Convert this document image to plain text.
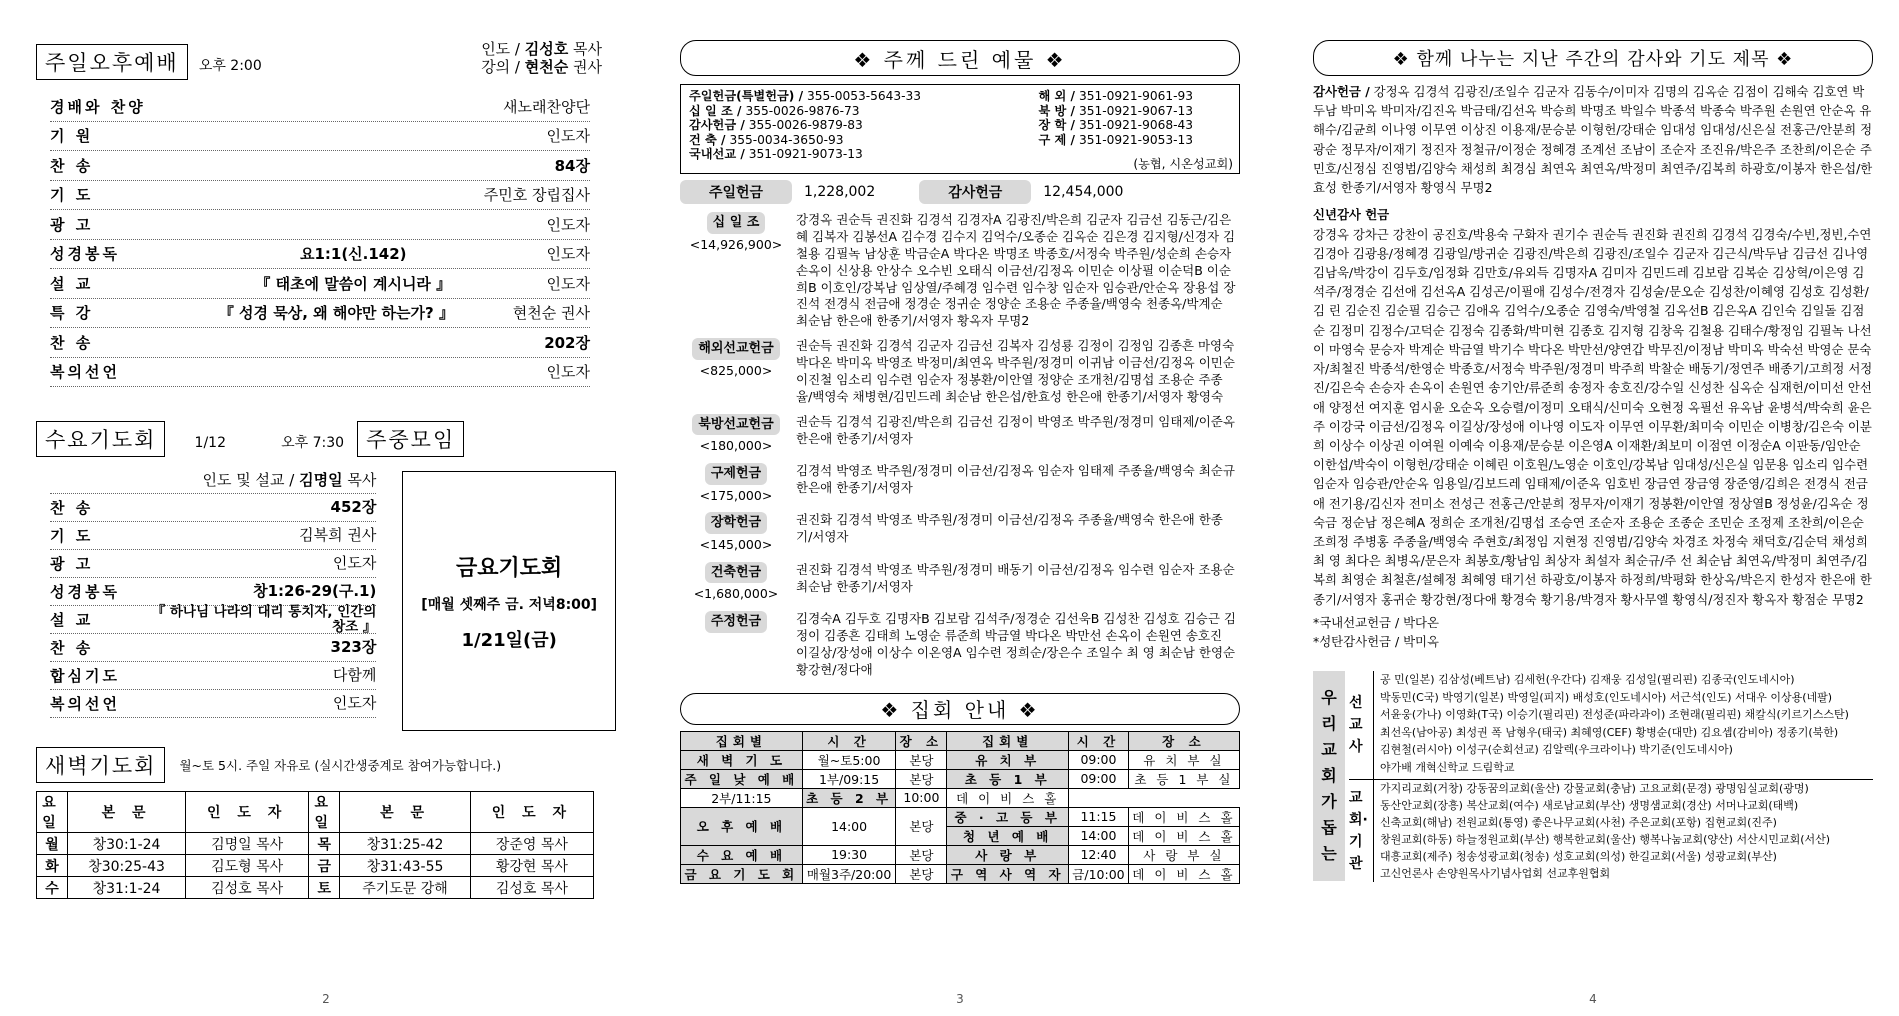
주일오후예배 오후 2:00
인도 / 김성호 목사
강의 / 현천순 권사
경배와 찬양	새노래찬양단
기 원	인도자
찬 송	84장
기 도	주민호 장립집사
광 고	인도자
성경봉독	요1:1(신.142)	인도자
설 교	『 태초에 말씀이 계시니라 』	인도자
특 강	『 성경 묵상, 왜 해야만 하는가? 』	현천순 권사
찬 송	202장
복의선언	인도자
수요기도회	1/12	오후 7:30 주중모임
인도 및 설교 / 김명일 목사
찬 송	452장
기 도	김복희 권사
광 고	인도자
성경봉독	창1:26-29(구.1)
설 교	『 하나님 나라의 대리 통치자, 인간의 창조 』
찬 송	323장
합심기도	다함께
복의선언	인도자
금요기도회
[매월 셋째주 금. 저녁8:00]
1/21일(금)
새벽기도회	월~토 5시. 주일 자유로 (실시간생중계로 참여가능합니다.)
요일	본 문	인 도 자	요일	본 문	인 도 자
월	창30:1-24	김명일 목사	목	창31:25-42	장준영 목사
화	창30:25-43	김도형 목사	금	창31:43-55	황강현 목사
수	창31:1-24	김성호 목사	토	주기도문 강해	김성호 목사
2
❖ 주께 드린 예물 ❖
주일헌금(특별헌금) / 355-0053-5643-33
십 일 조 / 355-0026-9876-73
감사헌금 / 355-0026-9879-83
건 축 / 355-0034-3650-93
국내선교 / 351-0921-9073-13
해 외 / 351-0921-9061-93
북 방 / 351-0921-9067-13
장 학 / 351-0921-9068-43
구 제 / 351-0921-9053-13
(농협, 시온성교회)
주일헌금	1,228,002	감사헌금	12,454,000
십 일 조
<14,926,900>	강경옥 권순득 권진화 김경석 김경자A 김광진/박은희 김군자 김금선 김동근/김은혜 김복자 김봉선A 김수경 김수지 김억수/오종순 김옥순 김은경 김지형/신경자 김철용 김필녹 남상훈 박금순A 박다온 박명조 박종호/서정숙 박주원/성순희 손승자 손옥이 신상용 안상수 오수빈 오태식 이금선/김정옥 이민순 이상필 이순덕B 이순희B 이호인/강복남 임상열/주혜경 임수련 임수창 임순자 임승관/안순옥 장용섭 장진석 전경식 전금애 정경순 정귀순 정양순 조용순 주종율/백영숙 천종옥/박계순 최순남 한은애 한종기/서영자 황옥자 무명2
해외선교헌금
<825,000>	권순득 권진화 김경석 김군자 김금선 김복자 김성룡 김정이 김정임 김종흔 마영숙 박다온 박미옥 박영조 박정미/최연옥 박주원/정경미 이귀남 이금선/김정옥 이민순 이진철 임소리 임수련 임순자 정봉환/이안열 정양순 조개천/김명섭 조용순 주종율/백영숙 채병현/김민드레 최순남 한은섭/한효성 한은애 한종기/서영자 황영숙
북방선교헌금
<180,000>	권순득 김경석 김광진/박은희 김금선 김정이 박영조 박주원/정경미 임태제/이준옥 한은애 한종기/서영자
구제헌금
<175,000>	김경석 박영조 박주원/정경미 이금선/김정옥 임순자 임태제 주종율/백영숙 최순규 한은애 한종기/서영자
장학헌금
<145,000>	권진화 김경석 박영조 박주원/정경미 이금선/김정옥 주종율/백영숙 한은애 한종기/서영자
건축헌금
<1,680,000>	권진화 김경석 박영조 박주원/정경미 배동기 이금선/김정옥 임수련 임순자 조용순 최순남 한종기/서영자
주정헌금	김경숙A 김두호 김명자B 김보람 김석주/정경순 김선욱B 김성찬 김성호 김승근 김정이 김종흔 김태희 노영순 류준희 박금열 박다온 박만선 손옥이 손원연 송호진 이길상/장성애 이상수 이온영A 임수련 정희순/장은수 조일수 최 영 최순남 한영순 황강현/정다애
❖ 집회 안내 ❖
집회별	시 간	장 소	집회별	시 간	장 소
새 벽 기 도	월~토5:00	본당	유 치 부	09:00	유 치 부 실
주 일 낮 예 배	1부/09:15	본당	초 등 1 부	09:00	초 등 1 부 실
2부/11:15	초 등 2 부	10:00	데 이 비 스 홀		
오 후 예 배	14:00	본당	중 · 고 등 부	11:15	데 이 비 스 홀
			청 년 예 배	14:00	데 이 비 스 홀
수 요 예 배	19:30	본당	사 랑 부	12:40	사 랑 부 실
금 요 기 도 회	매월3주/20:00	본당	구 역 사 역 자	금/10:00	데 이 비 스 홀
3
❖ 함께 나누는 지난 주간의 감사와 기도 제목 ❖
감사헌금 / 강정옥 김경석 김광진/조일수 김군자 김동수/이미자 김명의 김옥순 김점이 김해숙 김호연 박두남 박미옥 박미자/김진옥 박금태/김선옥 박승희 박명조 박일수 박종석 박종숙 박주원 손원연 안순옥 유해수/김균희 이나영 이무연 이상진 이용재/문승분 이형헌/강태순 임대성 임대성/신은실 전홍근/안분희 정광순 정무자/이재기 정진자 정철규/이정순 정혜경 조계선 조남이 조순자 조진유/박은주 조찬희/이은순 주민호/신정심 진영범/김양숙 채성희 최경심 최연옥 최연옥/박정미 최연주/김복희 하광호/이봉자 한은섭/한효성 한종기/서영자 황영식 무명2
신년감사 헌금
강경옥 강차근 강찬이 공진호/박용숙 구화자 권기수 권순득 권진화 권진희 김경석 김경숙/수빈,정빈,수연 김경아 김광용/정혜경 김광일/방귀순 김광진/박은희 김광진/조일수 김군자 김근식/박두남 김금선 김나영 김남욱/박강이 김두호/임정화 김만호/유외득 김명자A 김미자 김민드레 김보람 김복순 김상혁/이은영 김석주/정경순 김선애 김선옥A 김성곤/이필애 김성수/전경자 김성술/문오순 김성찬/이혜영 김성호 김성환/김 린 김순진 김순필 김승근 김애옥 김억수/오종순 김영숙/박영철 김옥선B 김은옥A 김인숙 김일돌 김점순 김정미 김정수/고덕순 김정숙 김종화/박미현 김종호 김지형 김창욱 김철용 김태수/황정임 김필녹 나선이 마영숙 문승자 박계순 박금열 박기수 박다온 박만선/양연갑 박무진/이정남 박미옥 박숙선 박영순 문숙자/최철진 박종석/한영순 박종호/서정숙 박주원/정경미 박주희 박찰순 배동기/정연주 배종기/고희정 서정진/김은숙 손승자 손옥이 손원연 송기안/류준희 송정자 송호진/강수일 신성찬 심옥순 심재헌/이미선 안선애 양정선 여지훈 엄시윤 오순옥 오승렬/이정미 오태식/신미숙 오현정 옥필선 유옥남 윤병석/박숙희 윤은주 이강국 이금선/김정옥 이길상/장성애 이나영 이도자 이무연 이무환/최미숙 이민순 이병창/김은숙 이분희 이상수 이상권 이여원 이예숙 이용재/문승분 이은영A 이재환/최보미 이점연 이정순A 이판동/임안순 이한섭/박숙이 이형헌/강태순 이혜린 이호원/노영순 이호인/강복남 임대성/신은실 임문용 임소리 임수련 임순자 임승관/안순옥 임용일/김보드레 임태제/이준옥 임호빈 장금연 장금영 장준영/김희은 전경식 전금애 전기용/김신자 전미소 전성근 전홍근/안분희 정무자/이재기 정봉환/이안열 정상열B 정성윤/김옥순 정숙금 정순남 정은혜A 정희순 조개천/김명섭 조승연 조순자 조용순 조종순 조민순 조정제 조찬희/이은순 조희정 주병홍 주종율/백영숙 주현호/최정임 지현정 진영범/김양숙 차경조 차정숙 채덕호/김순덕 채성희 최 영 최다은 최병옥/문은자 최봉호/황남임 최상자 최설자 최순규/주 선 최순남 최연옥/박정미 최연주/김복희 최영순 최철흔/설혜정 최혜영 태기선 하광호/이봉자 하정희/박평화 한상옥/박은지 한성자 한은애 한종기/서영자 홍귀순 황강현/정다애 황경숙 황기용/박경자 황사무엘 황영식/정진자 황옥자 황점순 무명2
*국내선교헌금 / 박다온
*성탄감사헌금 / 박미옥
우리교회가돕는
선교사
공 민(일본) 김삼성(베트남) 김세헌(우간다) 김재웅 김성일(필리핀) 김종국(인도네시아)
박동민(C국) 박영기(일본) 박영일(피지) 배성호(인도네시아) 서근석(인도) 서대우 이상용(네팔)
서윤웅(가나) 이영화(T국) 이승기(필리핀) 전성준(파라과이) 조현래(필리핀) 채칼식(키르기스스탄)
최선옥(남아공) 최성권 폭 남형우(태국) 최혜영(CEF) 황병순(대만) 김요셉(감비아) 정종기(북한)
김현철(러시아) 이성구(순회선교) 김알렉(우크라이나) 박기준(인도네시아)
야가배 개혁신학교 드림학교
교회·기관
가지리교회(거창) 강동꿈의교회(울산) 강물교회(충남) 고요교회(문경) 광명임실교회(광명)
동산안교회(장흥) 복산교회(여수) 새로남교회(부산) 생명샘교회(경산) 서머나교회(태백)
신축교회(해남) 전원교회(통영) 좋은나무교회(사천) 주은교회(포항) 집현교회(진주)
창원교회(하동) 하늘정원교회(부산) 행복한교회(울산) 행복나눔교회(양산) 서산시민교회(서산)
대흥교회(제주) 청송성광교회(청송) 성호교회(의성) 한길교회(서울) 성광교회(부산)
고신언론사 손양원목사기념사업회 선교후원협회
4
